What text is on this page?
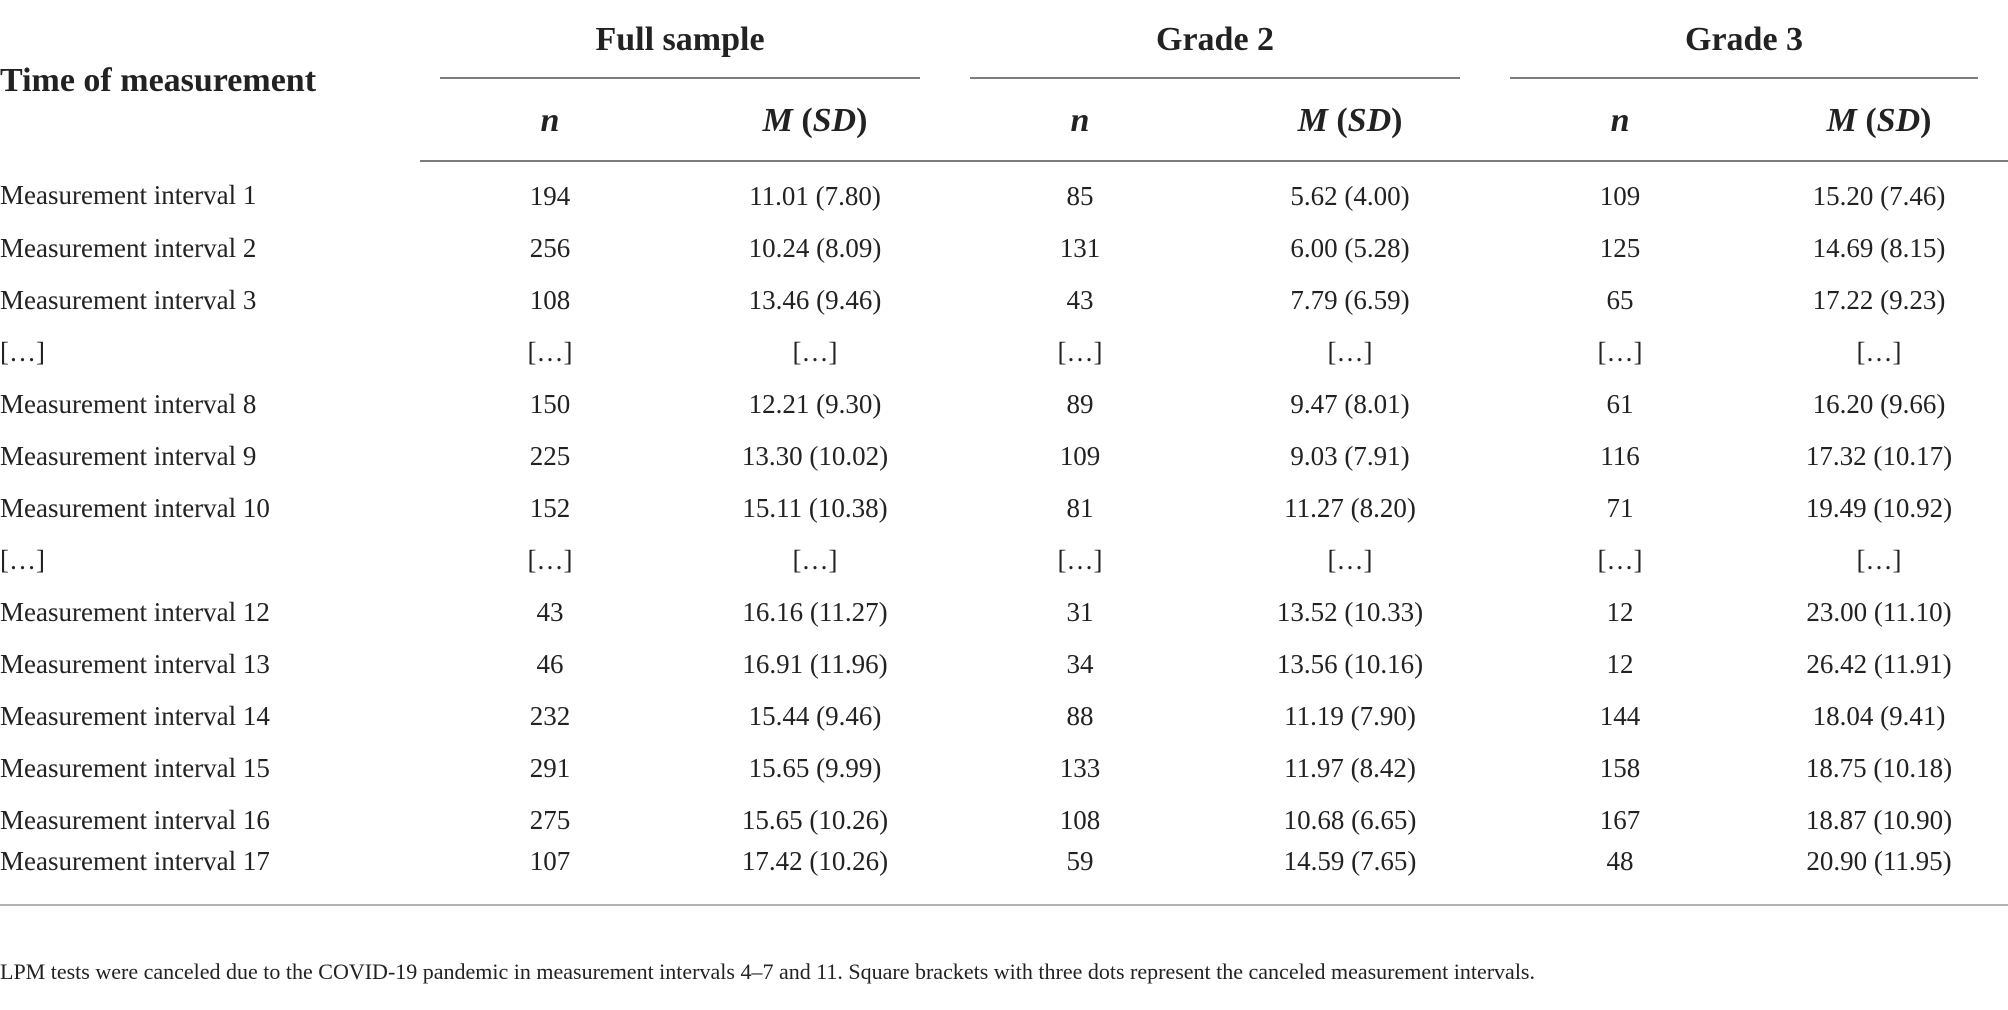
Time of measurement	Full sample		Grade 2		Grade 3	

	n	M (SD)	n	M (SD)	n	M (SD)
Measurement interval 1	194	11.01 (7.80)	85	5.62 (4.00)	109	15.20 (7.46)
Measurement interval 2	256	10.24 (8.09)	131	6.00 (5.28)	125	14.69 (8.15)
Measurement interval 3	108	13.46 (9.46)	43	7.79 (6.59)	65	17.22 (9.23)
[…]	[…]	[…]	[…]	[…]	[…]	[…]
Measurement interval 8	150	12.21 (9.30)	89	9.47 (8.01)	61	16.20 (9.66)
Measurement interval 9	225	13.30 (10.02)	109	9.03 (7.91)	116	17.32 (10.17)
Measurement interval 10	152	15.11 (10.38)	81	11.27 (8.20)	71	19.49 (10.92)
[…]	[…]	[…]	[…]	[…]	[…]	[…]
Measurement interval 12	43	16.16 (11.27)	31	13.52 (10.33)	12	23.00 (11.10)
Measurement interval 13	46	16.91 (11.96)	34	13.56 (10.16)	12	26.42 (11.91)
Measurement interval 14	232	15.44 (9.46)	88	11.19 (7.90)	144	18.04 (9.41)
Measurement interval 15	291	15.65 (9.99)	133	11.97 (8.42)	158	18.75 (10.18)
Measurement interval 16	275	15.65 (10.26)	108	10.68 (6.65)	167	18.87 (10.90)
Measurement interval 17	107	17.42 (10.26)	59	14.59 (7.65)	48	20.90 (11.95)
LPM tests were canceled due to the COVID-19 pandemic in measurement intervals 4–7 and 11. Square brackets with three dots represent the canceled measurement intervals.
